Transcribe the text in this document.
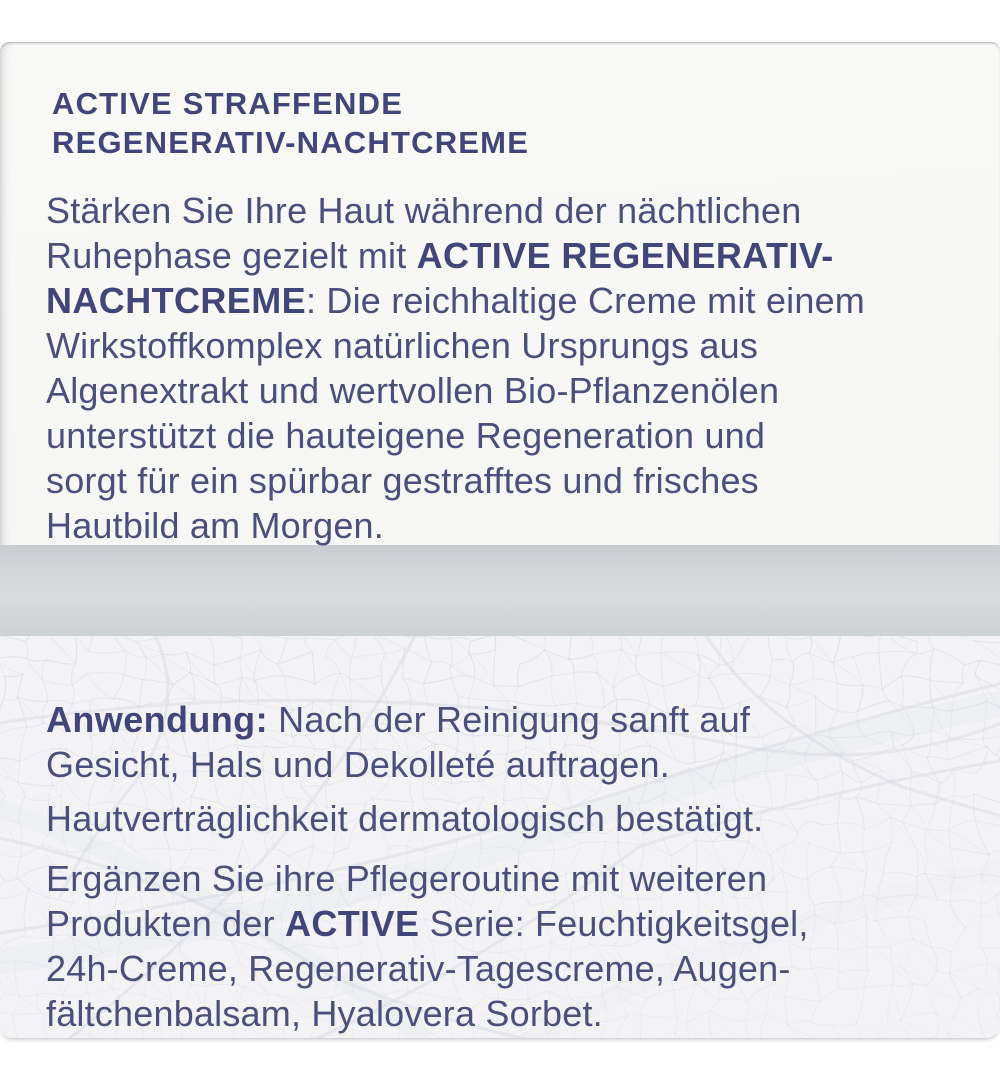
ACTIVE STRAFFENDE
REGENERATIV-NACHTCREME
Stärken Sie Ihre Haut während der nächtlichen
Ruhephase gezielt mit ACTIVE REGENERATIV-
NACHTCREME: Die reichhaltige Creme mit einem
Wirkstoffkomplex natürlichen Ursprungs aus
Algenextrakt und wertvollen Bio-Pflanzenölen
unterstützt die hauteigene Regeneration und
sorgt für ein spürbar gestrafftes und frisches
Hautbild am Morgen.
Anwendung: Nach der Reinigung sanft auf
Gesicht, Hals und Dekolleté auftragen.
Hautverträglichkeit dermatologisch bestätigt.
Ergänzen Sie ihre Pflegeroutine mit weiteren
Produkten der ACTIVE Serie: Feuchtigkeitsgel,
24h-Creme, Regenerativ-Tagescreme, Augen-
fältchenbalsam, Hyalovera Sorbet.
